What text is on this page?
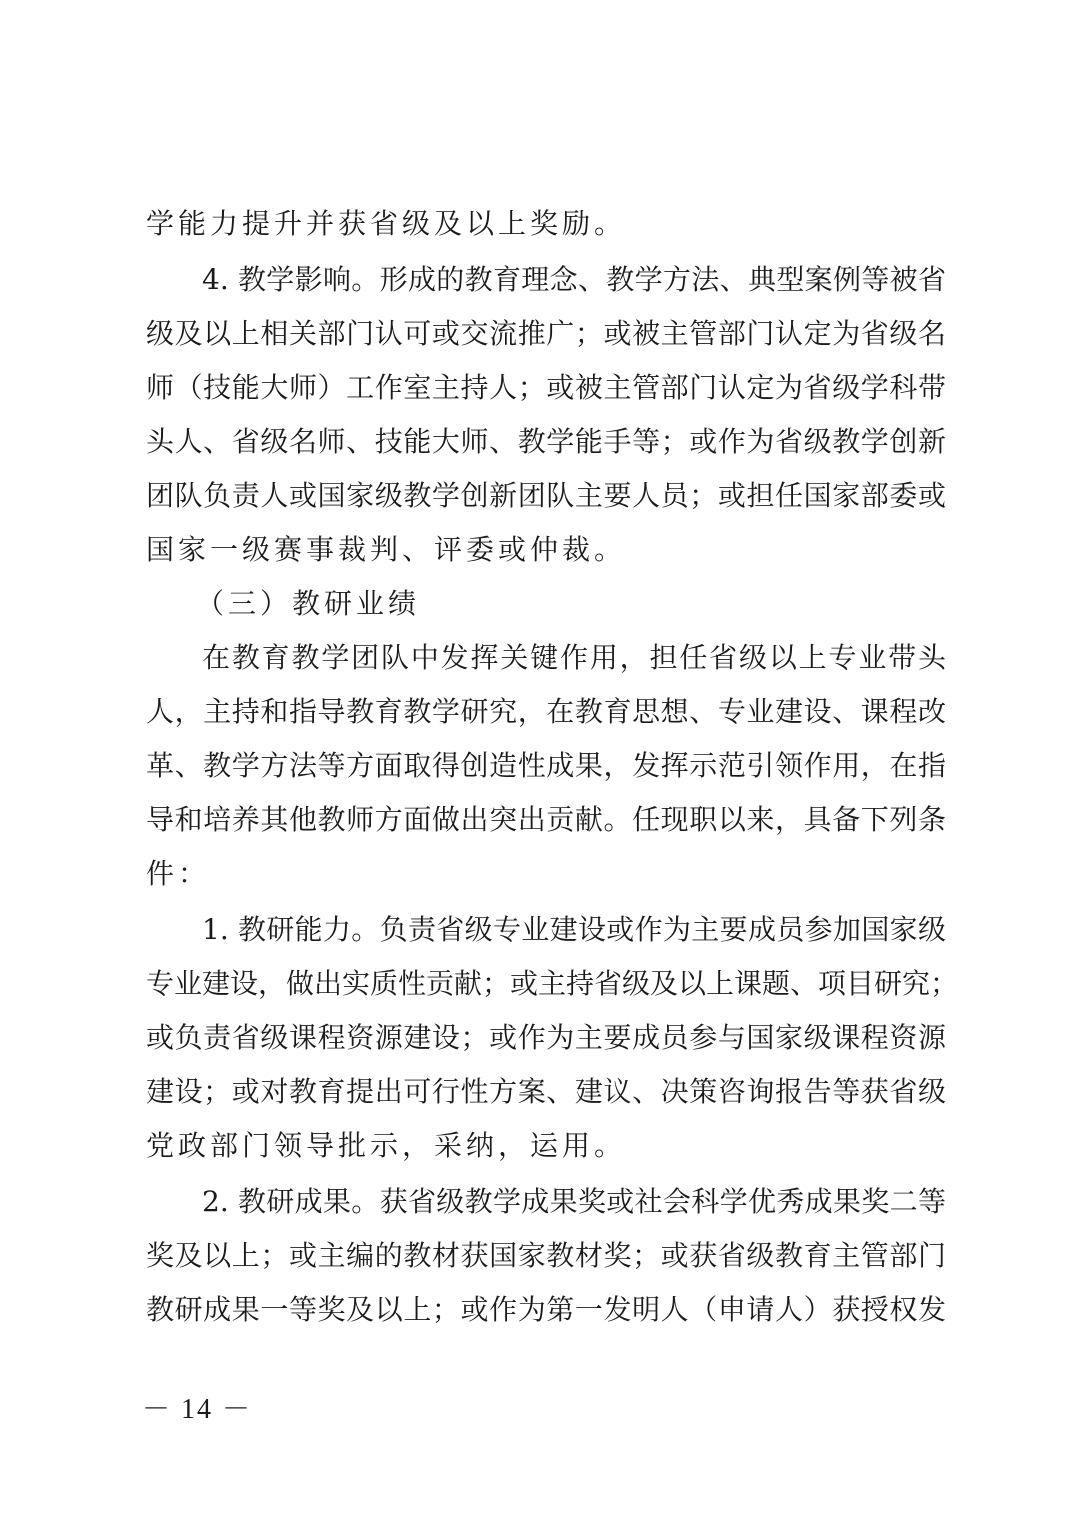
学能力提升并获省级及以上奖励。
4. 教学影响。形成的教育理念、教学方法、典型案例等被省
级及以上相关部门认可或交流推广；或被主管部门认定为省级名
师（技能大师）工作室主持人；或被主管部门认定为省级学科带
头人、省级名师、技能大师、教学能手等；或作为省级教学创新
团队负责人或国家级教学创新团队主要人员；或担任国家部委或
国家一级赛事裁判、评委或仲裁。
（三）教研业绩
在教育教学团队中发挥关键作用，担任省级以上专业带头
人，主持和指导教育教学研究，在教育思想、专业建设、课程改
革、教学方法等方面取得创造性成果，发挥示范引领作用，在指
导和培养其他教师方面做出突出贡献。任现职以来，具备下列条
件：
1. 教研能力。负责省级专业建设或作为主要成员参加国家级
专业建设，做出实质性贡献；或主持省级及以上课题、项目研究；
或负责省级课程资源建设；或作为主要成员参与国家级课程资源
建设；或对教育提出可行性方案、建议、决策咨询报告等获省级
党政部门领导批示，采纳，运用。
2. 教研成果。获省级教学成果奖或社会科学优秀成果奖二等
奖及以上；或主编的教材获国家教材奖；或获省级教育主管部门
教研成果一等奖及以上；或作为第一发明人（申请人）获授权发
－ 14 －
